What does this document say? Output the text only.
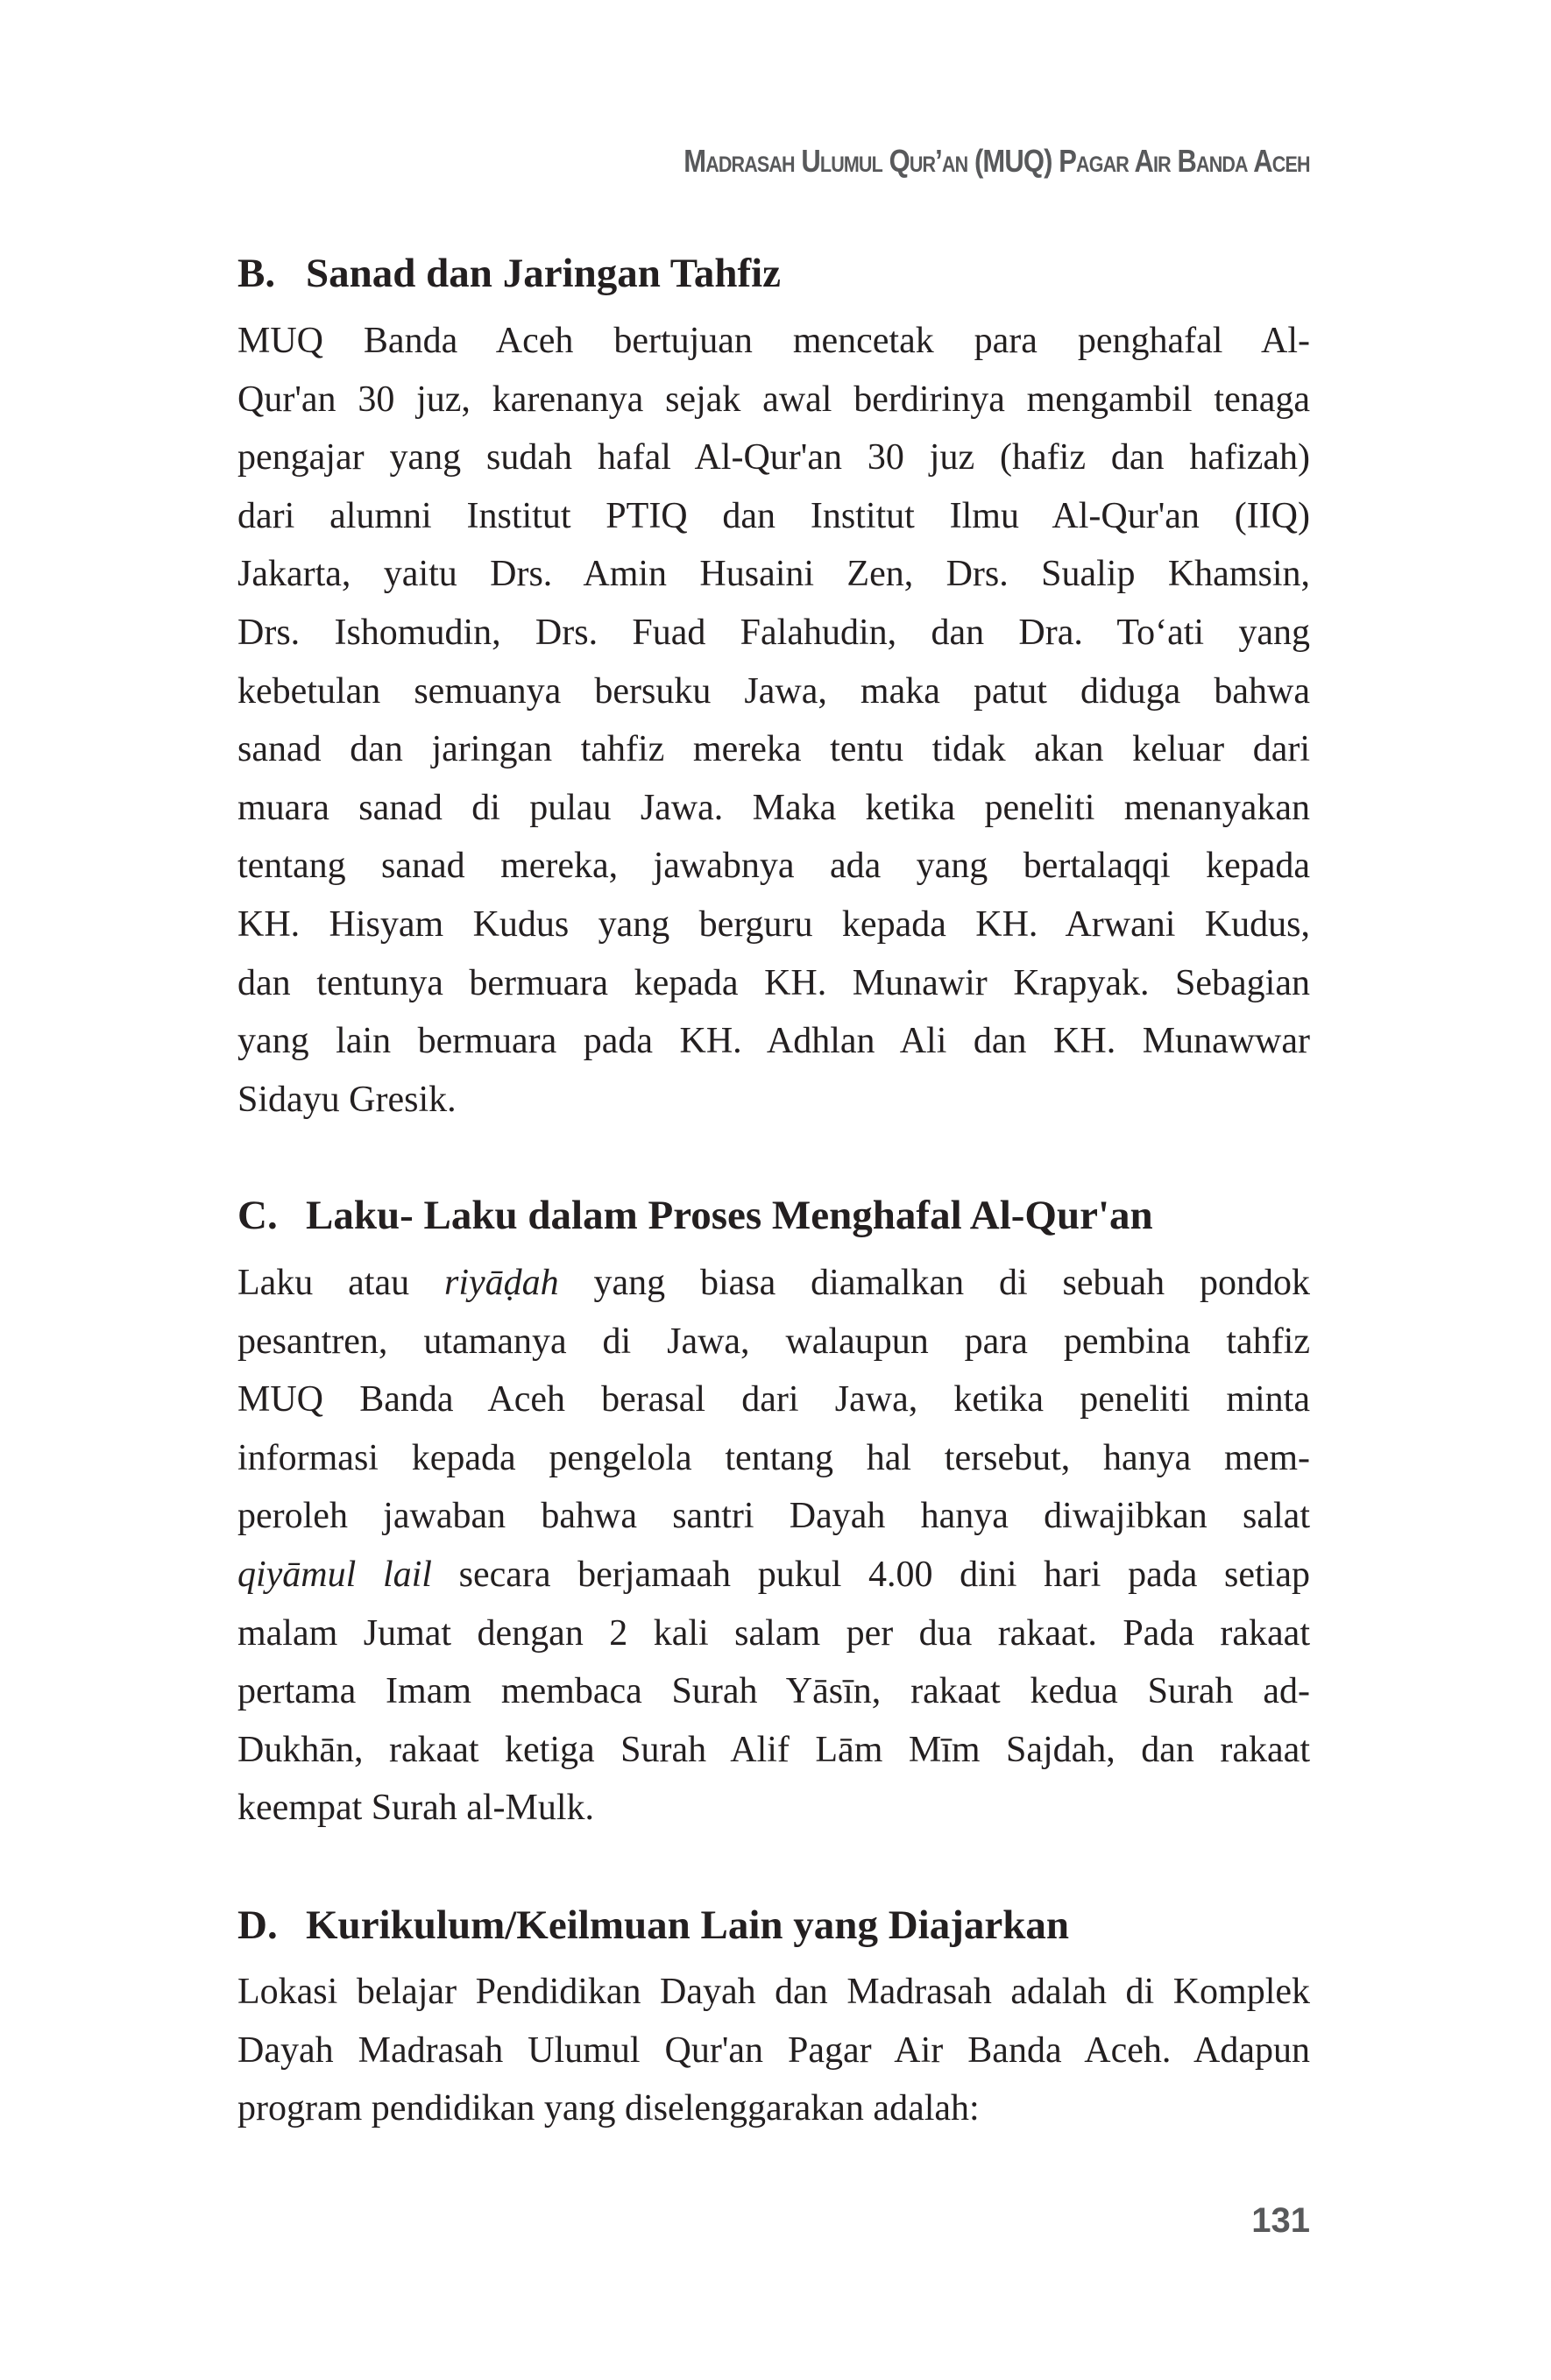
Madrasah Ulumul Qur’an (MUQ) Pagar Air Banda Aceh
B. Sanad dan Jaringan Tahfiz
MUQ Banda Aceh bertujuan mencetak para penghafal Al-
Qur'an 30 juz, karenanya sejak awal berdirinya mengambil tenaga
pengajar yang sudah hafal Al-Qur'an 30 juz (hafiz dan hafizah)
dari alumni Institut PTIQ dan Institut Ilmu Al-Qur'an (IIQ)
Jakarta, yaitu Drs. Amin Husaini Zen, Drs. Sualip Khamsin,
Drs. Ishomudin, Drs. Fuad Falahudin, dan Dra. To‘ati yang
kebetulan semuanya bersuku Jawa, maka patut diduga bahwa
sanad dan jaringan tahfiz mereka tentu tidak akan keluar dari
muara sanad di pulau Jawa. Maka ketika peneliti menanyakan
tentang sanad mereka, jawabnya ada yang bertalaqqi kepada
KH. Hisyam Kudus yang berguru kepada KH. Arwani Kudus,
dan tentunya bermuara kepada KH. Munawir Krapyak. Sebagian
yang lain bermuara pada KH. Adhlan Ali dan KH. Munawwar
Sidayu Gresik.
C. Laku- Laku dalam Proses Menghafal Al-Qur'an
Laku atau riyāḍah yang biasa diamalkan di sebuah pondok
pesantren, utamanya di Jawa, walaupun para pembina tahfiz
MUQ Banda Aceh berasal dari Jawa, ketika peneliti minta
informasi kepada pengelola tentang hal tersebut, hanya mem-
peroleh jawaban bahwa santri Dayah hanya diwajibkan salat
qiyāmul lail secara berjamaah pukul 4.00 dini hari pada setiap
malam Jumat dengan 2 kali salam per dua rakaat. Pada rakaat
pertama Imam membaca Surah Yāsīn, rakaat kedua Surah ad-
Dukhān, rakaat ketiga Surah Alif Lām Mīm Sajdah, dan rakaat
keempat Surah al-Mulk.
D. Kurikulum/Keilmuan Lain yang Diajarkan
Lokasi belajar Pendidikan Dayah dan Madrasah adalah di Komplek
Dayah Madrasah Ulumul Qur'an Pagar Air Banda Aceh. Adapun
program pendidikan yang diselenggarakan adalah:
131
